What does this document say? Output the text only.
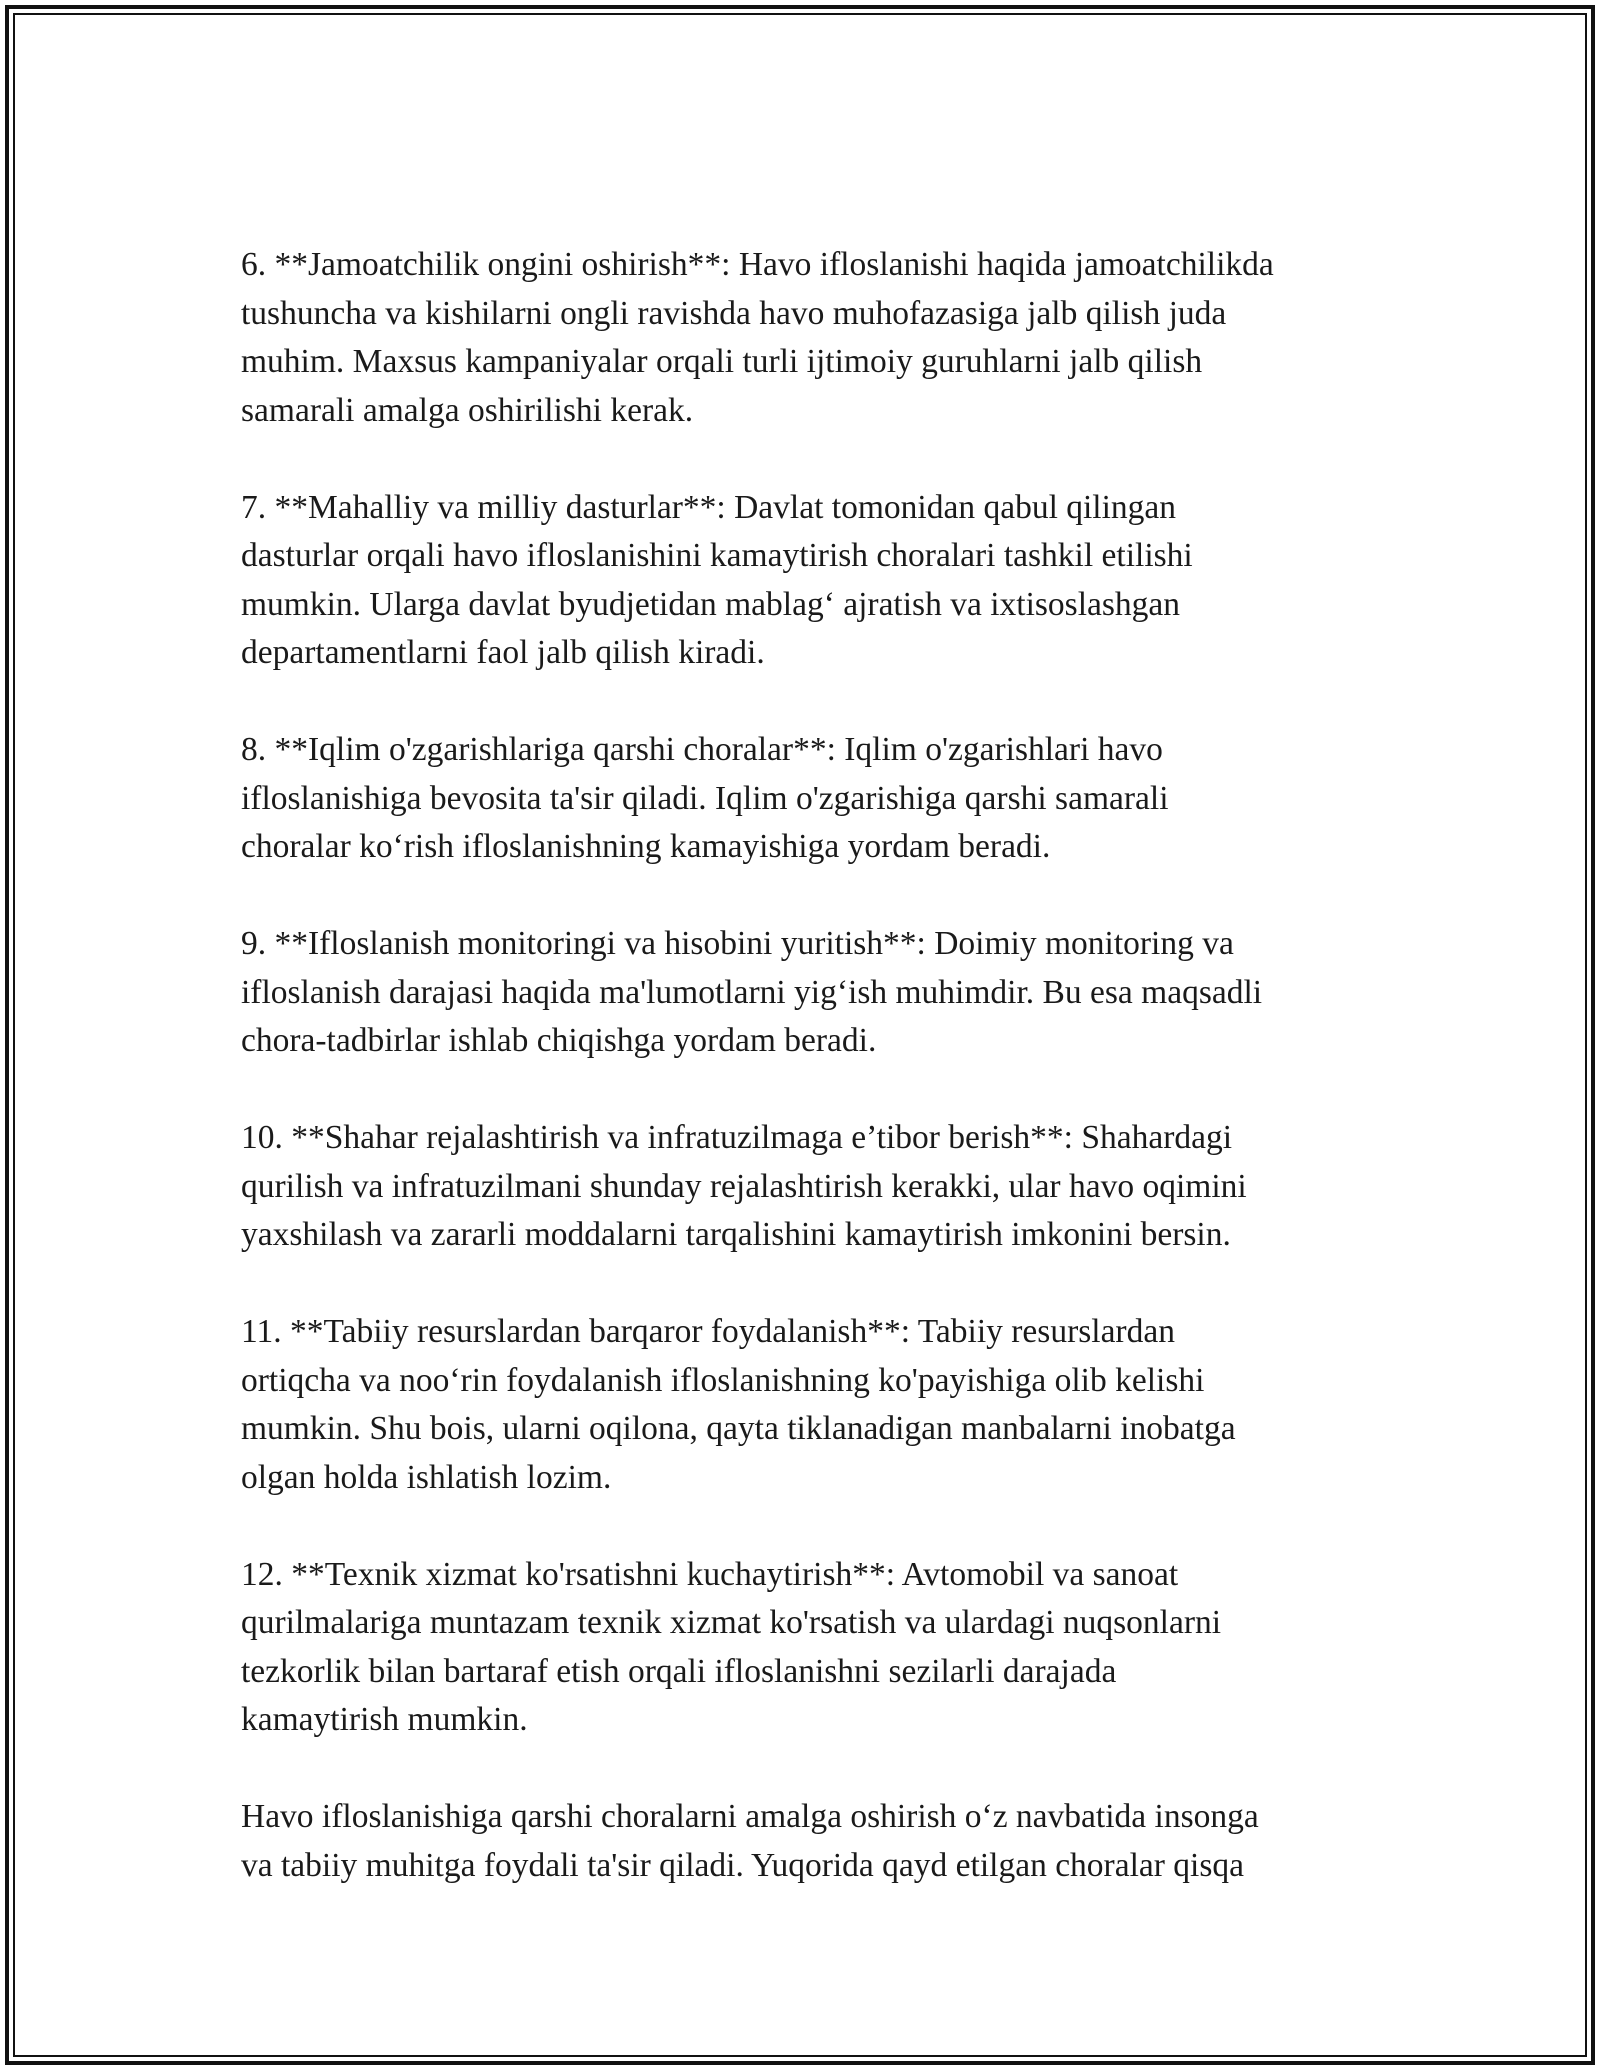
6. **Jamoatchilik ongini oshirish**: Havo ifloslanishi haqida jamoatchilikda
tushuncha va kishilarni ongli ravishda havo muhofazasiga jalb qilish juda
muhim. Maxsus kampaniyalar orqali turli ijtimoiy guruhlarni jalb qilish
samarali amalga oshirilishi kerak.

7. **Mahalliy va milliy dasturlar**: Davlat tomonidan qabul qilingan
dasturlar orqali havo ifloslanishini kamaytirish choralari tashkil etilishi
mumkin. Ularga davlat byudjetidan mablag‘ ajratish va ixtisoslashgan
departamentlarni faol jalb qilish kiradi.

8. **Iqlim o'zgarishlariga qarshi choralar**: Iqlim o'zgarishlari havo
ifloslanishiga bevosita ta'sir qiladi. Iqlim o'zgarishiga qarshi samarali
choralar ko‘rish ifloslanishning kamayishiga yordam beradi.

9. **Ifloslanish monitoringi va hisobini yuritish**: Doimiy monitoring va
ifloslanish darajasi haqida ma'lumotlarni yig‘ish muhimdir. Bu esa maqsadli
chora-tadbirlar ishlab chiqishga yordam beradi.

10. **Shahar rejalashtirish va infratuzilmaga e’tibor berish**: Shahardagi
qurilish va infratuzilmani shunday rejalashtirish kerakki, ular havo oqimini
yaxshilash va zararli moddalarni tarqalishini kamaytirish imkonini bersin.

11. **Tabiiy resurslardan barqaror foydalanish**: Tabiiy resurslardan
ortiqcha va noo‘rin foydalanish ifloslanishning ko'payishiga olib kelishi
mumkin. Shu bois, ularni oqilona, qayta tiklanadigan manbalarni inobatga
olgan holda ishlatish lozim.

12. **Texnik xizmat ko'rsatishni kuchaytirish**: Avtomobil va sanoat
qurilmalariga muntazam texnik xizmat ko'rsatish va ulardagi nuqsonlarni
tezkorlik bilan bartaraf etish orqali ifloslanishni sezilarli darajada
kamaytirish mumkin.

Havo ifloslanishiga qarshi choralarni amalga oshirish o‘z navbatida insonga
va tabiiy muhitga foydali ta'sir qiladi. Yuqorida qayd etilgan choralar qisqa
